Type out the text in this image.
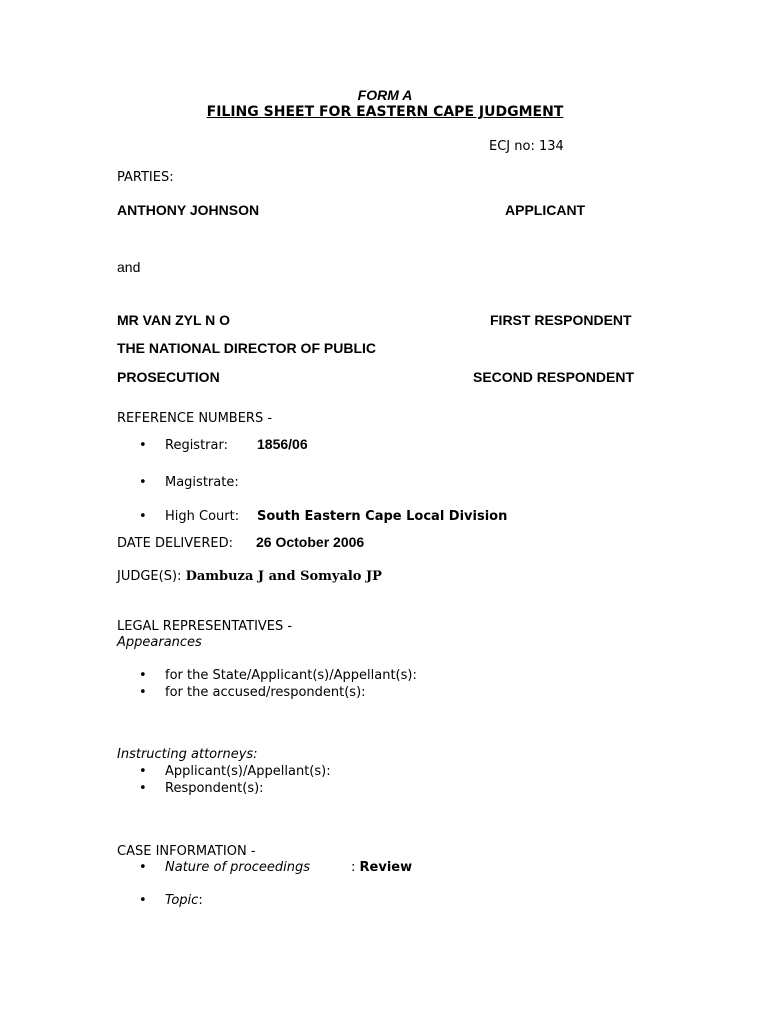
FORM A
FILING SHEET FOR EASTERN CAPE JUDGMENT
ECJ no: 134
PARTIES:
ANTHONY JOHNSON	APPLICANT
and
MR VAN ZYL N O	FIRST RESPONDENT
THE NATIONAL DIRECTOR OF PUBLIC
PROSECUTION	SECOND RESPONDENT
REFERENCE NUMBERS -
• Registrar: 1856/06
• Magistrate:
• High Court: South Eastern Cape Local Division
DATE DELIVERED: 26 October 2006
JUDGE(S): Dambuza J and Somyalo JP
LEGAL REPRESENTATIVES -
Appearances
• for the State/Applicant(s)/Appellant(s):
• for the accused/respondent(s):
Instructing attorneys:
• Applicant(s)/Appellant(s):
• Respondent(s):
CASE INFORMATION -
• Nature of proceedings	: Review
• Topic:
